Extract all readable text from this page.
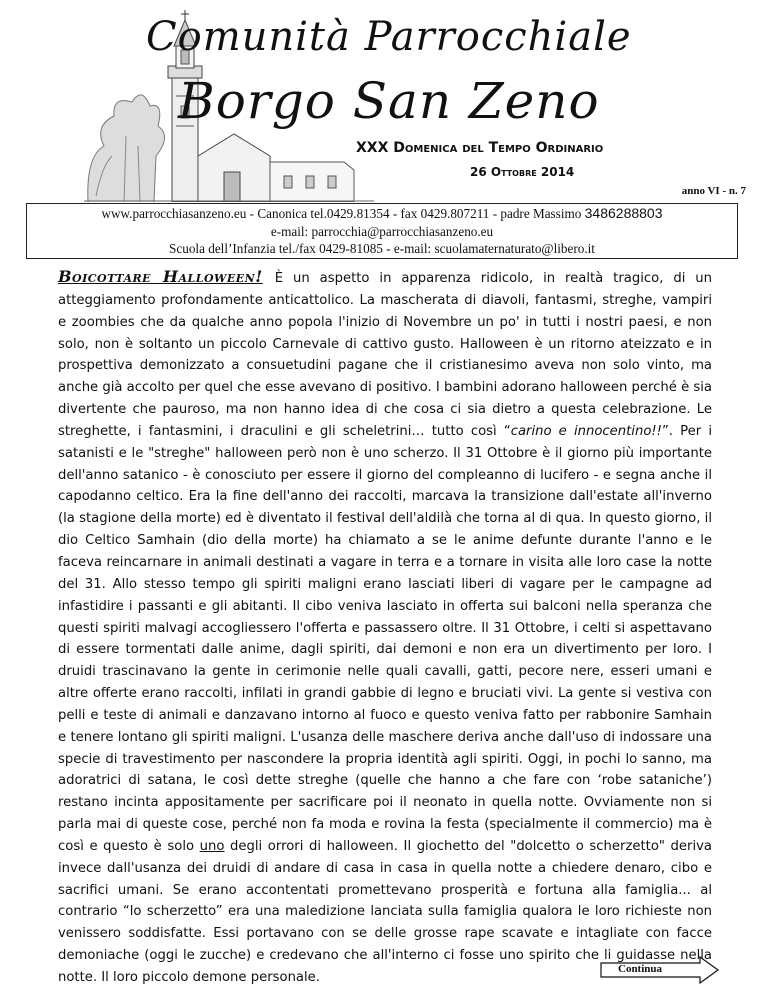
Comunità Parrocchiale
Borgo San Zeno
XXX Domenica del Tempo Ordinario
26 Ottobre 2014
anno VI - n. 7
www.parrocchiasanzeno.eu - Canonica tel.0429.81354 - fax 0429.807211 - padre Massimo 3486288803
e-mail: parrocchia@parrocchiasanzeno.eu
Scuola dell’Infanzia tel./fax 0429-81085 - e-mail: scuolamaternaturato@libero.it

Boicottare Halloween! È un aspetto in apparenza ridicolo, in realtà tragico, di un atteggiamento profondamente anticattolico. La mascherata di diavoli, fantasmi, streghe, vampiri e zoombies che da qualche anno popola l'inizio di Novembre un po' in tutti i nostri paesi, e non solo, non è soltanto un piccolo Carnevale di cattivo gusto. Halloween è un ritorno ateizzato e in prospettiva demonizzato a consuetudini pagane che il cristianesimo aveva non solo vinto, ma anche già accolto per quel che esse avevano di positivo. I bambini adorano halloween perché è sia divertente che pauroso, ma non hanno idea di che cosa ci sia dietro a questa celebrazione. Le streghette, i fantasmini, i draculini e gli scheletrini… tutto così “carino e innocentino!!”. Per i satanisti e le "streghe" halloween però non è uno scherzo. Il 31 Ottobre è il giorno più importante dell'anno satanico - è conosciuto per essere il giorno del compleanno di lucifero - e segna anche il capodanno celtico. Era la fine dell'anno dei raccolti, marcava la transizione dall'estate all'inverno (la stagione della morte) ed è diventato il festival dell'aldilà che torna al di qua. In questo giorno, il dio Celtico Samhain (dio della morte) ha chiamato a se le anime defunte durante l'anno e le faceva reincarnare in animali destinati a vagare in terra e a tornare in visita alle loro case la notte del 31. Allo stesso tempo gli spiriti maligni erano lasciati liberi di vagare per le campagne ad infastidire i passanti e gli abitanti. Il cibo veniva lasciato in offerta sui balconi nella speranza che questi spiriti malvagi accogliessero l'offerta e passassero oltre. Il 31 Ottobre, i celti si aspettavano di essere tormentati dalle anime, dagli spiriti, dai demoni e non era un divertimento per loro. I druidi trascinavano la gente in cerimonie nelle quali cavalli, gatti, pecore nere, esseri umani e altre offerte erano raccolti, infilati in grandi gabbie di legno e bruciati vivi. La gente si vestiva con pelli e teste di animali e danzavano intorno al fuoco e questo veniva fatto per rabbonire Samhain e tenere lontano gli spiriti maligni. L'usanza delle maschere deriva anche dall'uso di indossare una specie di travestimento per nascondere la propria identità agli spiriti. Oggi, in pochi lo sanno, ma adoratrici di satana, le così dette streghe (quelle che hanno a che fare con ‘robe sataniche’) restano incinta appositamente per sacrificare poi il neonato in quella notte. Ovviamente non si parla mai di queste cose, perché non fa moda e rovina la festa (specialmente il commercio) ma è così e questo è solo uno degli orrori di halloween. Il giochetto del "dolcetto o scherzetto" deriva invece dall'usanza dei druidi di andare di casa in casa in quella notte a chiedere denaro, cibo e sacrifici umani. Se erano accontentati promettevano prosperità e fortuna alla famiglia... al contrario “lo scherzetto” era una maledizione lanciata sulla famiglia qualora le loro richieste non venissero soddisfatte. Essi portavano con se delle grosse rape scavate e intagliate con facce demoniache (oggi le zucche) e credevano che all'interno ci fosse uno spirito che li guidasse nella notte. Il loro piccolo demone personale.

Continua
